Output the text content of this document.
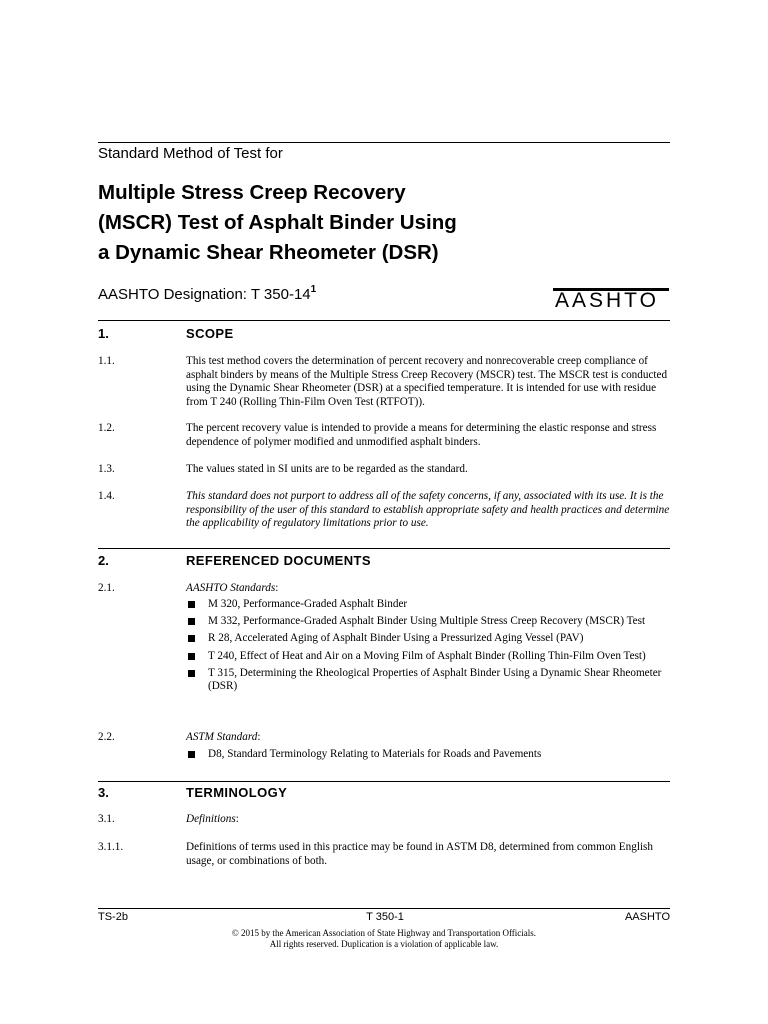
Standard Method of Test for
Multiple Stress Creep Recovery
(MSCR) Test of Asphalt Binder Using
a Dynamic Shear Rheometer (DSR)
AASHTO Designation: T $350-14^1$	AASHTO
1.	SCOPE
1.1.	This test method covers the determination of percent recovery and nonrecoverable creep compliance of asphalt binders by means of the Multiple Stress Creep Recovery (MSCR) test. The MSCR test is conducted using the Dynamic Shear Rheometer (DSR) at a specified temperature. It is intended for use with residue from T 240 (Rolling Thin-Film Oven Test (RTFOT)).
1.2.	The percent recovery value is intended to provide a means for determining the elastic response and stress dependence of polymer modified and unmodified asphalt binders.
1.3.	The values stated in SI units are to be regarded as the standard.
1.4.	This standard does not purport to address all of the safety concerns, if any, associated with its use. It is the responsibility of the user of this standard to establish appropriate safety and health practices and determine the applicability of regulatory limitations prior to use.
2.	REFERENCED DOCUMENTS
2.1.	AASHTO Standards:
M 320, Performance-Graded Asphalt Binder
M 332, Performance-Graded Asphalt Binder Using Multiple Stress Creep Recovery (MSCR) Test
R 28, Accelerated Aging of Asphalt Binder Using a Pressurized Aging Vessel (PAV)
T 240, Effect of Heat and Air on a Moving Film of Asphalt Binder (Rolling Thin-Film Oven Test)
T 315, Determining the Rheological Properties of Asphalt Binder Using a Dynamic Shear Rheometer (DSR)
2.2.	ASTM Standard:
D8, Standard Terminology Relating to Materials for Roads and Pavements
3.	TERMINOLOGY
3.1.	Definitions:
3.1.1.	Definitions of terms used in this practice may be found in ASTM D8, determined from common English usage, or combinations of both.
TS-2b	T 350-1	AASHTO
© 2015 by the American Association of State Highway and Transportation Officials.
All rights reserved. Duplication is a violation of applicable law.
